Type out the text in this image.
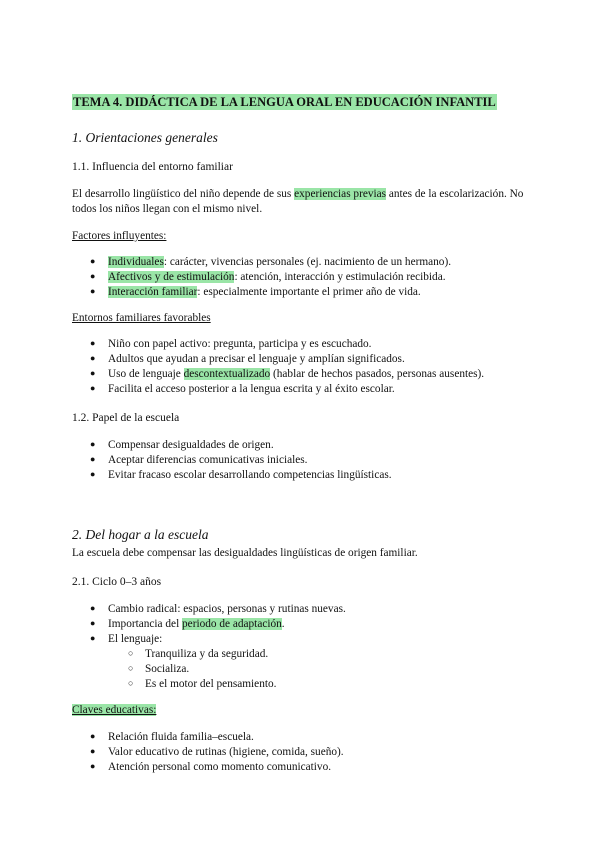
TEMA 4. DIDÁCTICA DE LA LENGUA ORAL EN EDUCACIÓN INFANTIL
1. Orientaciones generales
1.1. Influencia del entorno familiar
El desarrollo lingüístico del niño depende de sus experiencias previas antes de la escolarización. No
todos los niños llegan con el mismo nivel.
Factores influyentes:
● Individuales: carácter, vivencias personales (ej. nacimiento de un hermano).
● Afectivos y de estimulación: atención, interacción y estimulación recibida.
● Interacción familiar: especialmente importante el primer año de vida.
Entornos familiares favorables
● Niño con papel activo: pregunta, participa y es escuchado.
● Adultos que ayudan a precisar el lenguaje y amplían significados.
● Uso de lenguaje descontextualizado (hablar de hechos pasados, personas ausentes).
● Facilita el acceso posterior a la lengua escrita y al éxito escolar.
1.2. Papel de la escuela
● Compensar desigualdades de origen.
● Aceptar diferencias comunicativas iniciales.
● Evitar fracaso escolar desarrollando competencias lingüísticas.
2. Del hogar a la escuela
La escuela debe compensar las desigualdades lingüísticas de origen familiar.
2.1. Ciclo 0–3 años
● Cambio radical: espacios, personas y rutinas nuevas.
● Importancia del periodo de adaptación.
● El lenguaje:
○ Tranquiliza y da seguridad.
○ Socializa.
○ Es el motor del pensamiento.
Claves educativas:
● Relación fluida familia–escuela.
● Valor educativo de rutinas (higiene, comida, sueño).
● Atención personal como momento comunicativo.
